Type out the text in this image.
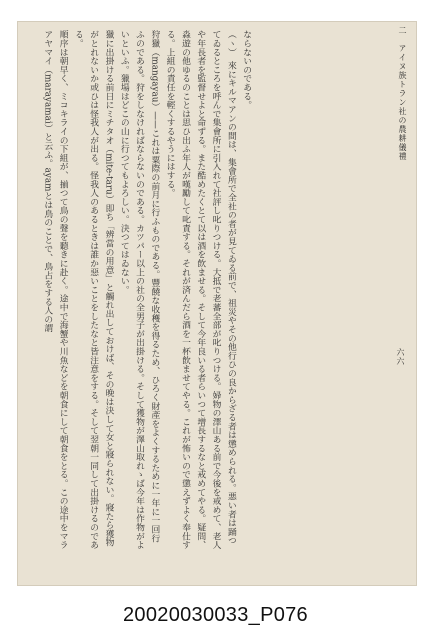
二　アイヌ族トラン社の農耕儀禮
六六

ならないのである。

（ヽ）　來にキルマアンの間は、集會所で全社の者が見てゐる前で、祖災やその他行ひの良からざる者は懲められる。悪い者は踊つてゐるところを呼んで集會所に引入れて社評し叱りつける。大抵で老蕃全部が叱りつける。婦物の澤山ある前で今後を戒めて、老人や年長者を監督せよと命ずる。また酷めたくとて以は酒を飲ませる。そして今年良いる者らいつて增長するなと戒めてやる。疑問、淼遊の他ゆるのことは思ひ出ふ年人が嘆勵して叱責する。それが済んだら酒を一杯飲ませてやる。これが怖いので懲えずよく奉仕する。上組の責任を輕くするやうにはする。

狩獵（mangayau）——これは粟際の前月に行ふものである。豐饒な收穫を得るため、ひろく財產をよくするために一年に一回行ふのである。狩をしなければならないのである。カツパー以上の社の全男子が出掛ける。そして獲物が澤山取れゝば今年は作物がよいといふ。獵場はどこの山に行つてもよろしい。決つてはゐない。

獵に出掛ける前日にミチタオ（mite-taru）即ち「辨當の用意」と觸れ出しておけば、その晚は決して女と寢られない。寢たら獲物がとれないか或ひは怪我人が出る。怪我人のあるときは誰か惡いことをしたなと皆注意をする。そして翌朝一同して出掛けるのである。

順序は朝早く、ミコキライの下組が、揃つて鳥の聲を聽きに赴く。途中で海蟹や川魚などを朝食にして朝食をとる。この途中をマラアヤマイ（marayamai）と云ふ。ayamとは鳥のことで、鳥占をする人の謂

20020030033_P076
